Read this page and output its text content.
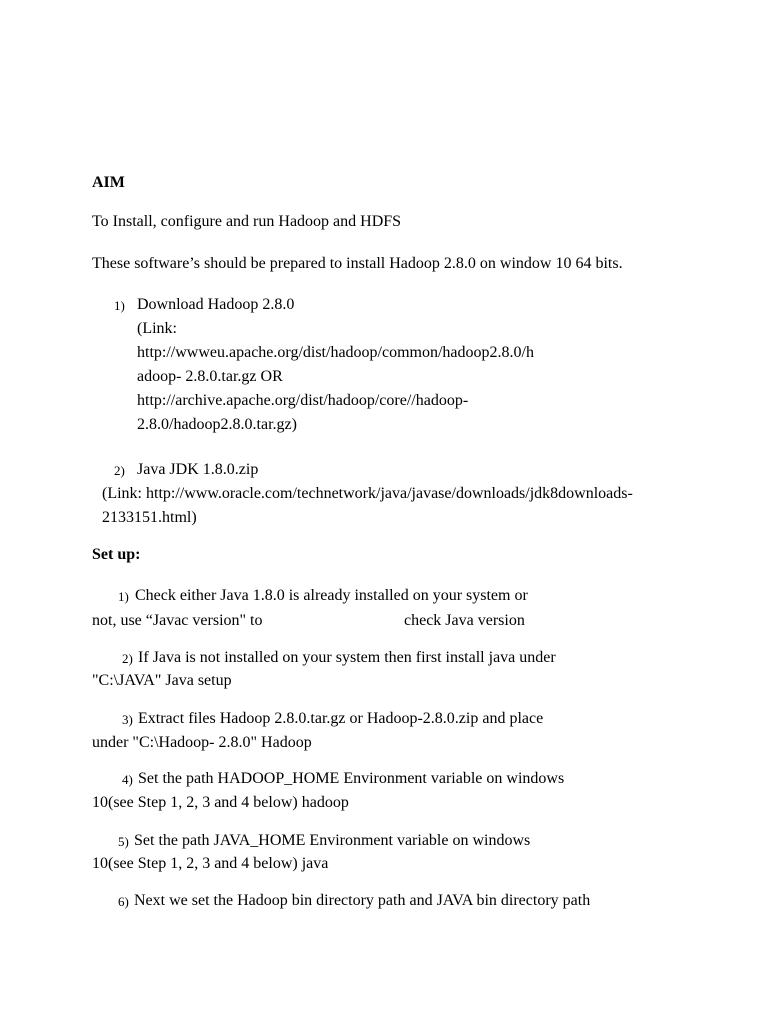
AIM
To Install, configure and run Hadoop and HDFS
These software’s should be prepared to install Hadoop 2.8.0 on window 10 64 bits.
1) Download Hadoop 2.8.0
(Link:
http://wwweu.apache.org/dist/hadoop/common/hadoop2.8.0/h
adoop- 2.8.0.tar.gz OR
http://archive.apache.org/dist/hadoop/core//hadoop-
2.8.0/hadoop2.8.0.tar.gz)
2) Java JDK 1.8.0.zip
(Link: http://www.oracle.com/technetwork/java/javase/downloads/jdk8downloads-
2133151.html)
Set up:
1) Check either Java 1.8.0 is already installed on your system or
not, use “Javac version" to	check Java version
2) If Java is not installed on your system then first install java under
"C:\JAVA" Java setup
3) Extract files Hadoop 2.8.0.tar.gz or Hadoop-2.8.0.zip and place
under "C:\Hadoop- 2.8.0" Hadoop
4) Set the path HADOOP_HOME Environment variable on windows
10(see Step 1, 2, 3 and 4 below) hadoop
5) Set the path JAVA_HOME Environment variable on windows
10(see Step 1, 2, 3 and 4 below) java
6) Next we set the Hadoop bin directory path and JAVA bin directory path
